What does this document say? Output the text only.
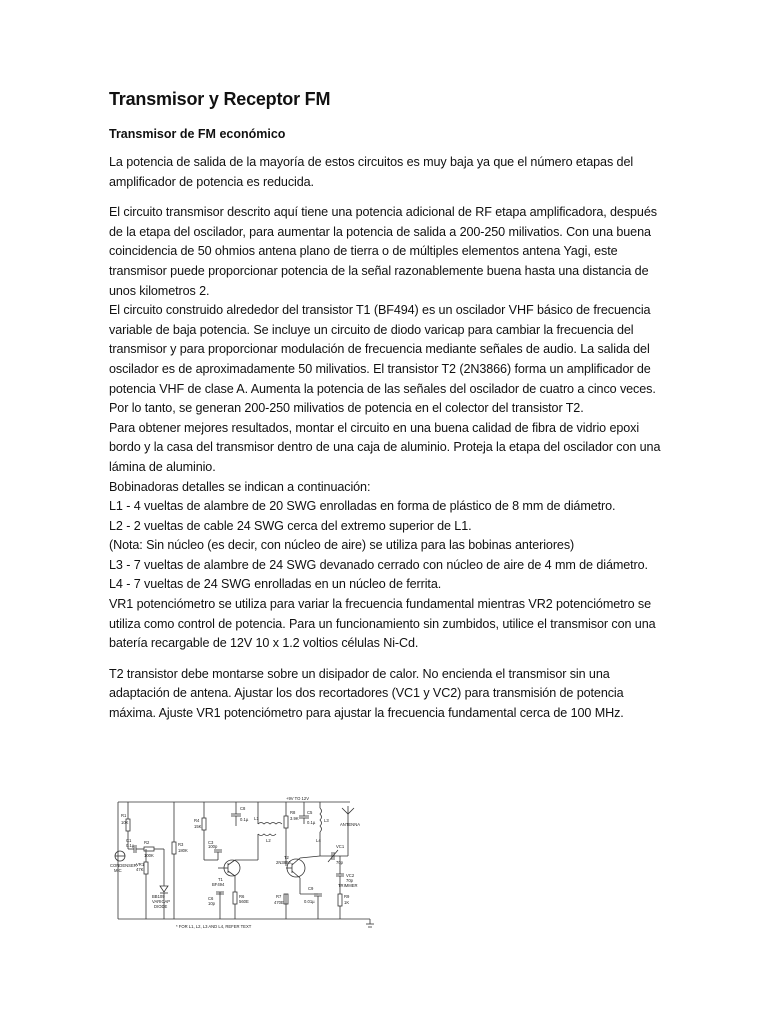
Transmisor y Receptor FM

Transmisor de FM económico

La potencia de salida de la mayoría de estos circuitos es muy baja ya que el número etapas del amplificador de potencia es reducida.

El circuito transmisor descrito aquí tiene una potencia adicional de RF etapa amplificadora, después de la etapa del oscilador, para aumentar la potencia de salida a 200-250 milivatios. Con una buena coincidencia de 50 ohmios antena plano de tierra o de múltiples elementos antena Yagi, este transmisor puede proporcionar potencia de la señal razonablemente buena hasta una distancia de unos kilometros 2.

El circuito construido alrededor del transistor T1 (BF494) es un oscilador VHF básico de frecuencia variable de baja potencia. Se incluye un circuito de diodo varicap para cambiar la frecuencia del transmisor y para proporcionar modulación de frecuencia mediante señales de audio. La salida del oscilador es de aproximadamente 50 milivatios. El transistor T2 (2N3866) forma un amplificador de potencia VHF de clase A. Aumenta la potencia de las señales del oscilador de cuatro a cinco veces. Por lo tanto, se generan 200-250 milivatios de potencia en el colector del transistor T2.

Para obtener mejores resultados, montar el circuito en una buena calidad de fibra de vidrio epoxi bordo y la casa del transmisor dentro de una caja de aluminio. Proteja la etapa del oscilador con una lámina de aluminio.

Bobinadoras detalles se indican a continuación:

L1 - 4 vueltas de alambre de 20 SWG enrolladas en forma de plástico de 8 mm de diámetro.

L2 - 2 vueltas de cable 24 SWG cerca del extremo superior de L1.

(Nota: Sin núcleo (es decir, con núcleo de aire) se utiliza para las bobinas anteriores)

L3 - 7 vueltas de alambre de 24 SWG devanado cerrado con núcleo de aire de 4 mm de diámetro.

L4 - 7 vueltas de 24 SWG enrolladas en un núcleo de ferrita.

VR1 potenciómetro se utiliza para variar la frecuencia fundamental mientras VR2 potenciómetro se utiliza como control de potencia. Para un funcionamiento sin zumbidos, utilice el transmisor con una batería recargable de 12V 10 x 1.2 voltios células Ni-Cd.

T2 transistor debe montarse sobre un disipador de calor. No encienda el transmisor sin una adaptación de antena. Ajustar los dos recortadores (VC1 y VC2) para transmisión de potencia máxima. Ajuste VR1 potenciómetro para ajustar la frecuencia fundamental cerca de 100 MHz.

+9V TO 12V
ANTENNA
CONDENSER
MIC
BB109
VARICAP
DIODE
T1
BF494
T2
2N3866
VC2
70p
TRIMMER
VC1
70p
R1
10K
R2
100K
C1
0.1µ
VR1
47K
R3
180K
R4
15K
C3
100p
C8
0.1µ
C6
10p
R6
560E
R8
3.9K
C5
0.1µ
R7
470E
C9
0.01µ
R9
1K
L1
L2
L3
L4
* FOR L1, L2, L3 AND L4, REFER TEXT
